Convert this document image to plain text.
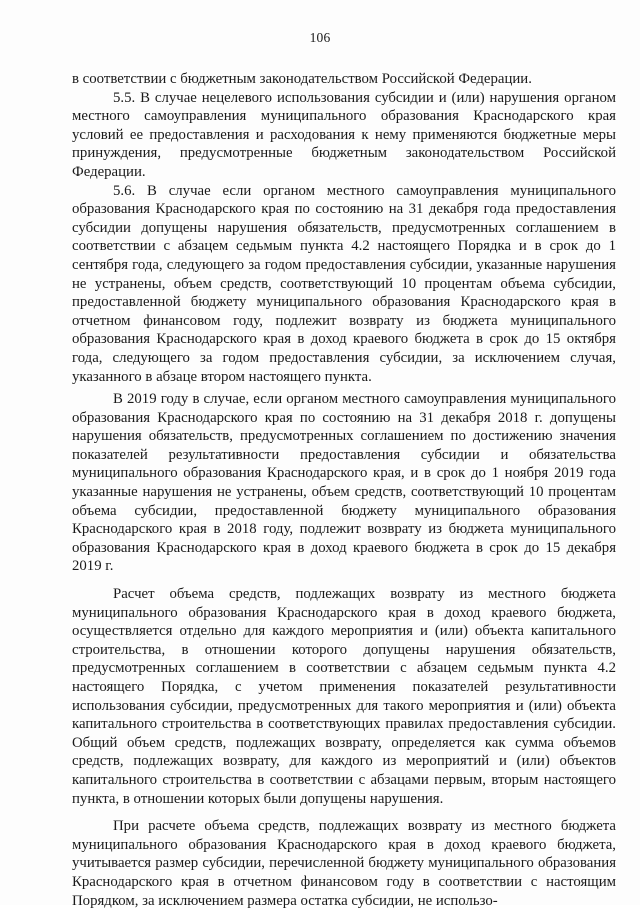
106

в соответствии с бюджетным законодательством Российской Федерации.

5.5. В случае нецелевого использования субсидии и (или) нарушения органом местного самоуправления муниципального образования Краснодарского края условий ее предоставления и расходования к нему применяются бюджетные меры принуждения, предусмотренные бюджетным законодательством Российской Федерации.

5.6. В случае если органом местного самоуправления муниципального образования Краснодарского края по состоянию на 31 декабря года предоставления субсидии допущены нарушения обязательств, предусмотренных соглашением в соответствии с абзацем седьмым пункта 4.2 настоящего Порядка и в срок до 1 сентября года, следующего за годом предоставления субсидии, указанные нарушения не устранены, объем средств, соответствующий 10 процентам объема субсидии, предоставленной бюджету муниципального образования Краснодарского края в отчетном финансовом году, подлежит возврату из бюджета муниципального образования Краснодарского края в доход краевого бюджета в срок до 15 октября года, следующего за годом предоставления субсидии, за исключением случая, указанного в абзаце втором настоящего пункта.

В 2019 году в случае, если органом местного самоуправления муниципального образования Краснодарского края по состоянию на 31 декабря 2018 г. допущены нарушения обязательств, предусмотренных соглашением по достижению значения показателей результативности предоставления субсидии и обязательства муниципального образования Краснодарского края, и в срок до 1 ноября 2019 года указанные нарушения не устранены, объем средств, соответствующий 10 процентам объема субсидии, предоставленной бюджету муниципального образования Краснодарского края в 2018 году, подлежит возврату из бюджета муниципального образования Краснодарского края в доход краевого бюджета в срок до 15 декабря 2019 г.

Расчет объема средств, подлежащих возврату из местного бюджета муниципального образования Краснодарского края в доход краевого бюджета, осуществляется отдельно для каждого мероприятия и (или) объекта капитального строительства, в отношении которого допущены нарушения обязательств, предусмотренных соглашением в соответствии с абзацем седьмым пункта 4.2 настоящего Порядка, с учетом применения показателей результативности использования субсидии, предусмотренных для такого мероприятия и (или) объекта капитального строительства в соответствующих правилах предоставления субсидии. Общий объем средств, подлежащих возврату, определяется как сумма объемов средств, подлежащих возврату, для каждого из мероприятий и (или) объектов капитального строительства в соответствии с абзацами первым, вторым настоящего пункта, в отношении которых были допущены нарушения.

При расчете объема средств, подлежащих возврату из местного бюджета муниципального образования Краснодарского края в доход краевого бюджета, учитывается размер субсидии, перечисленной бюджету муниципального образования Краснодарского края в отчетном финансовом году в соответствии с настоящим Порядком, за исключением размера остатка субсидии, не использо-
